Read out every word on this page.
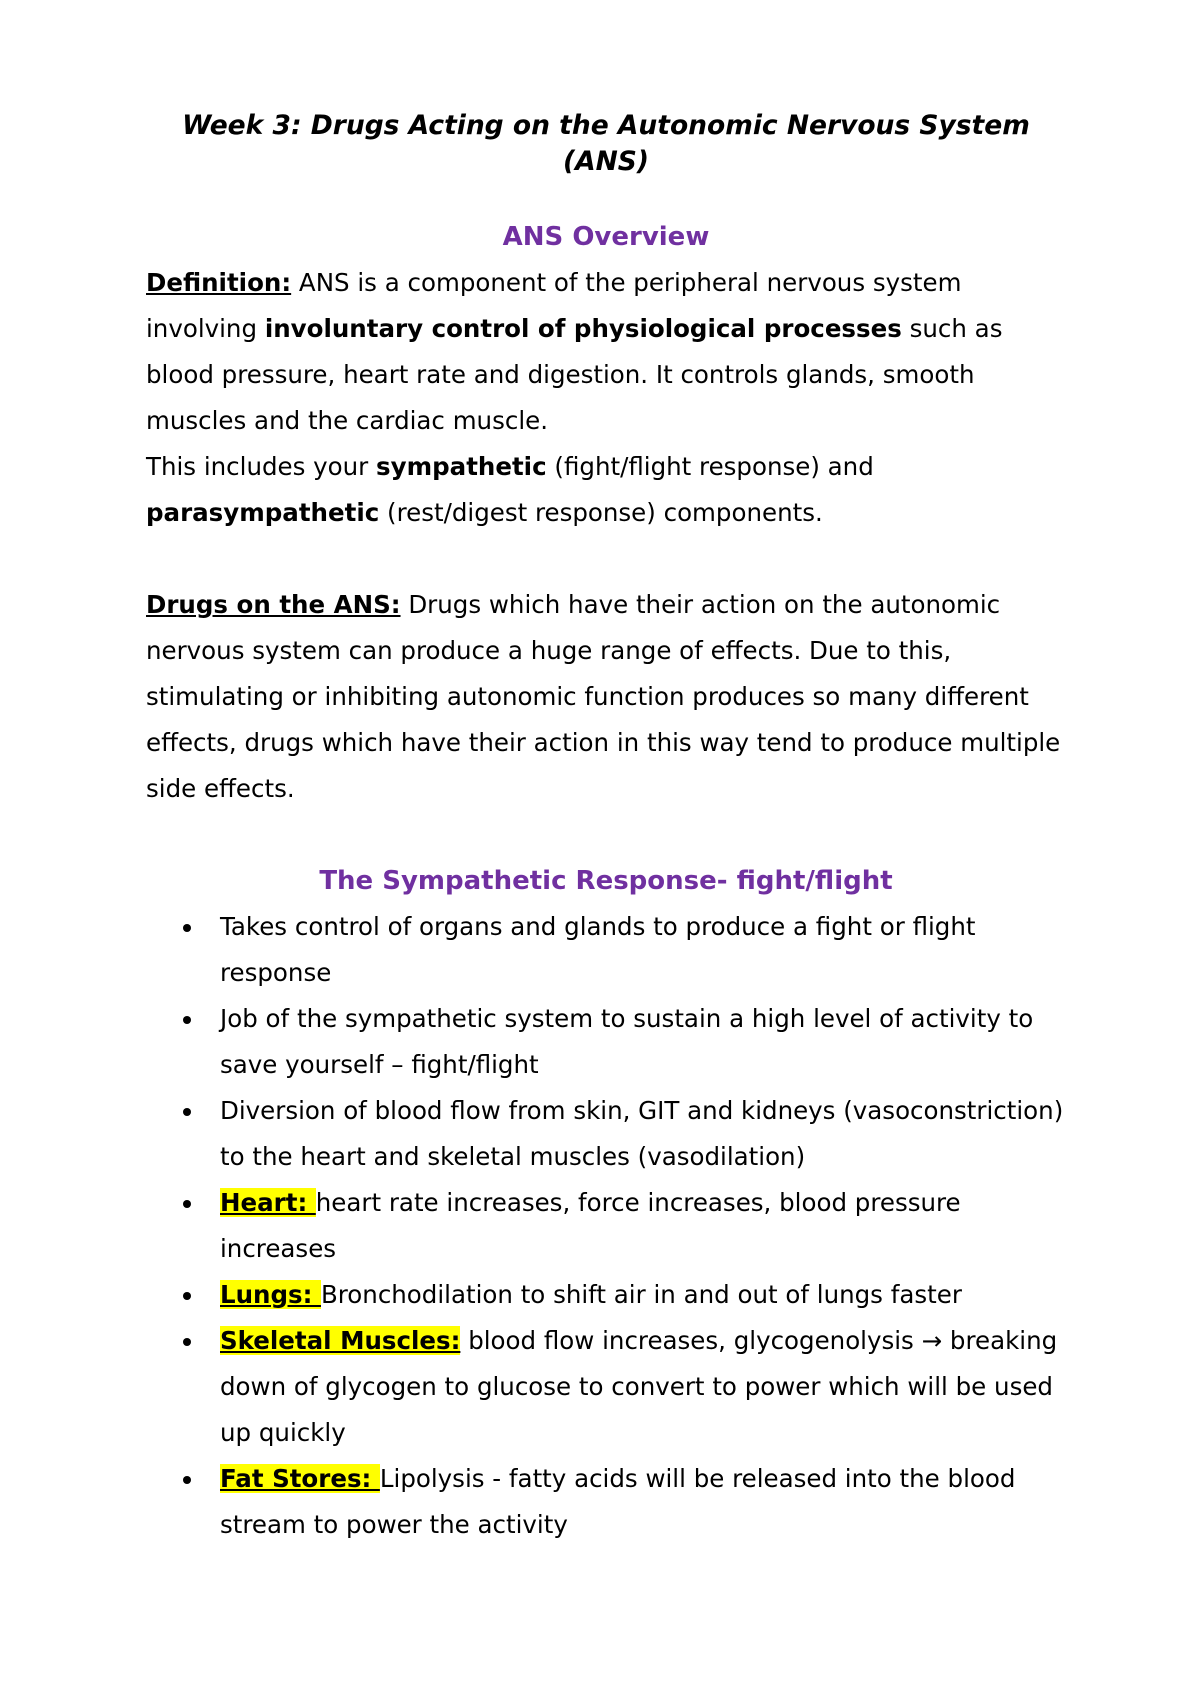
Week 3: Drugs Acting on the Autonomic Nervous System
(ANS)
ANS Overview

Definition: ANS is a component of the peripheral nervous system involving involuntary control of physiological processes such as blood pressure, heart rate and digestion. It controls glands, smooth muscles and the cardiac muscle.

This includes your sympathetic (fight/flight response) and parasympathetic (rest/digest response) components.

Drugs on the ANS: Drugs which have their action on the autonomic nervous system can produce a huge range of effects. Due to this, stimulating or inhibiting autonomic function produces so many different effects, drugs which have their action in this way tend to produce multiple side effects.

The Sympathetic Response- fight/flight
Takes control of organs and glands to produce a fight or flight response
Job of the sympathetic system to sustain a high level of activity to save yourself – fight/flight
Diversion of blood flow from skin, GIT and kidneys (vasoconstriction) to the heart and skeletal muscles (vasodilation)
Heart: heart rate increases, force increases, blood pressure increases
Lungs: Bronchodilation to shift air in and out of lungs faster
Skeletal Muscles: blood flow increases, glycogenolysis → breaking down of glycogen to glucose to convert to power which will be used up quickly
Fat Stores: Lipolysis - fatty acids will be released into the blood stream to power the activity
